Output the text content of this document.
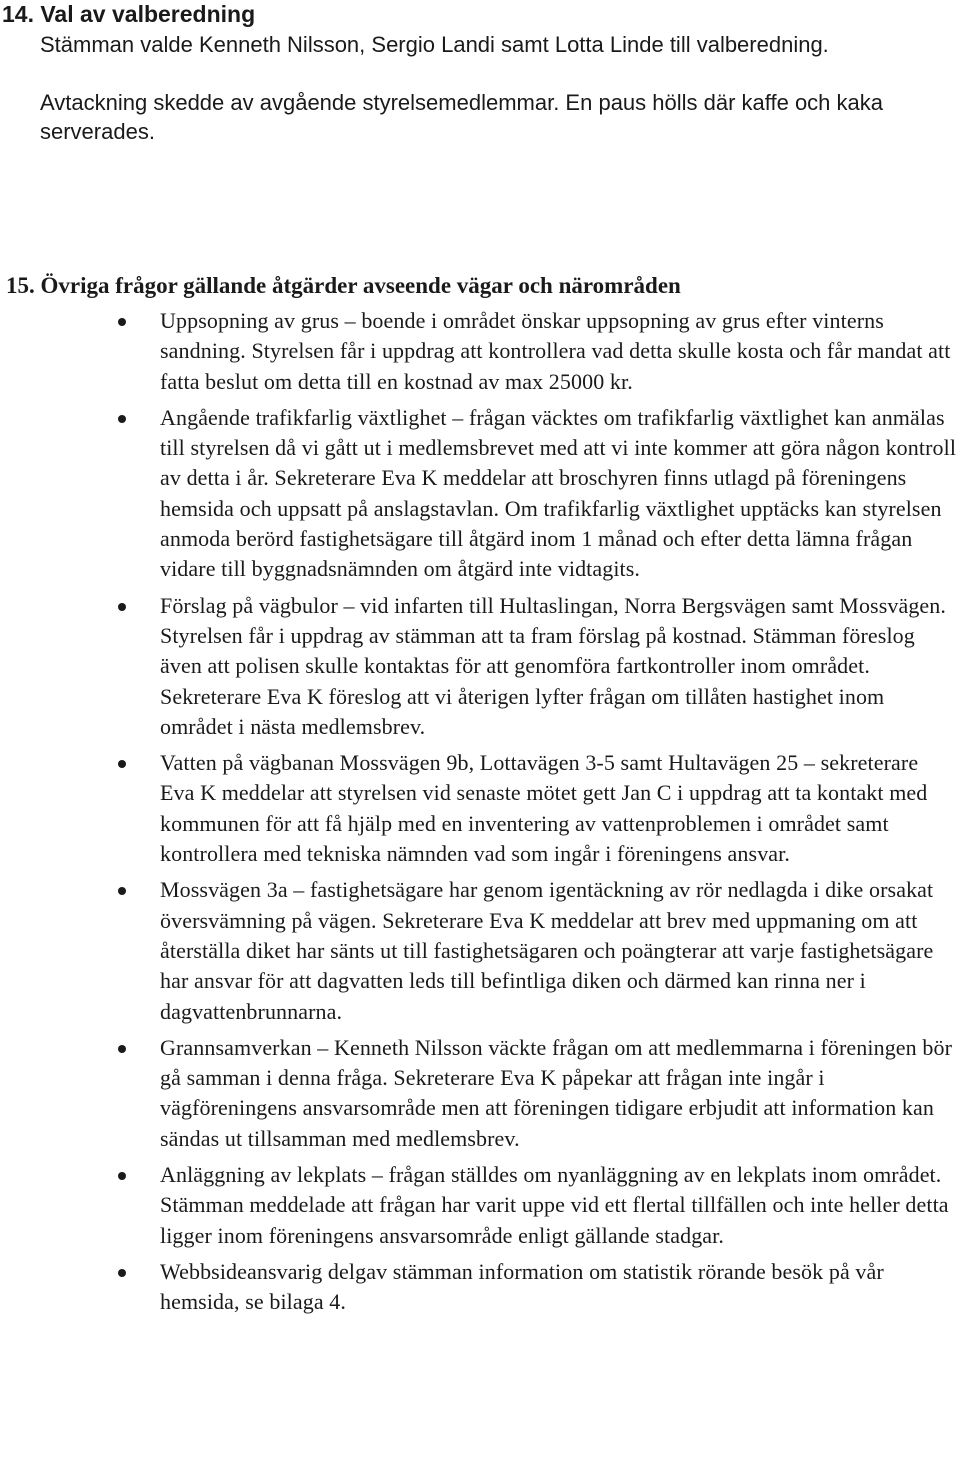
14. Val av valberedning

Stämman valde Kenneth Nilsson, Sergio Landi samt Lotta Linde till valberedning.

Avtackning skedde av avgående styrelsemedlemmar. En paus hölls där kaffe och kaka serverades.

15. Övriga frågor gällande åtgärder avseende vägar och närområden

Uppsopning av grus – boende i området önskar uppsopning av grus efter vinterns sandning. Styrelsen får i uppdrag att kontrollera vad detta skulle kosta och får mandat att fatta beslut om detta till en kostnad av max 25000 kr.

Angående trafikfarlig växtlighet – frågan väcktes om trafikfarlig växtlighet kan anmälas till styrelsen då vi gått ut i medlemsbrevet med att vi inte kommer att göra någon kontroll av detta i år. Sekreterare Eva K meddelar att broschyren finns utlagd på föreningens hemsida och uppsatt på anslagstavlan. Om trafikfarlig växtlighet upptäcks kan styrelsen anmoda berörd fastighetsägare till åtgärd inom 1 månad och efter detta lämna frågan vidare till byggnadsnämnden om åtgärd inte vidtagits.

Förslag på vägbulor – vid infarten till Hultaslingan, Norra Bergsvägen samt Mossvägen. Styrelsen får i uppdrag av stämman att ta fram förslag på kostnad. Stämman föreslog även att polisen skulle kontaktas för att genomföra fartkontroller inom området. Sekreterare Eva K föreslog att vi återigen lyfter frågan om tillåten hastighet inom området i nästa medlemsbrev.

Vatten på vägbanan Mossvägen 9b, Lottavägen 3-5 samt Hultavägen 25 – sekreterare Eva K meddelar att styrelsen vid senaste mötet gett Jan C i uppdrag att ta kontakt med kommunen för att få hjälp med en inventering av vattenproblemen i området samt kontrollera med tekniska nämnden vad som ingår i föreningens ansvar.

Mossvägen 3a – fastighetsägare har genom igentäckning av rör nedlagda i dike orsakat översvämning på vägen. Sekreterare Eva K meddelar att brev med uppmaning om att återställa diket har sänts ut till fastighetsägaren och poängterar att varje fastighetsägare har ansvar för att dagvatten leds till befintliga diken och därmed kan rinna ner i dagvattenbrunnarna.

Grannsamverkan – Kenneth Nilsson väckte frågan om att medlemmarna i föreningen bör gå samman i denna fråga. Sekreterare Eva K påpekar att frågan inte ingår i vägföreningens ansvarsområde men att föreningen tidigare erbjudit att information kan sändas ut tillsamman med medlemsbrev.

Anläggning av lekplats – frågan ställdes om nyanläggning av en lekplats inom området. Stämman meddelade att frågan har varit uppe vid ett flertal tillfällen och inte heller detta ligger inom föreningens ansvarsområde enligt gällande stadgar.

Webbsideansvarig delgav stämman information om statistik rörande besök på vår hemsida, se bilaga 4.
